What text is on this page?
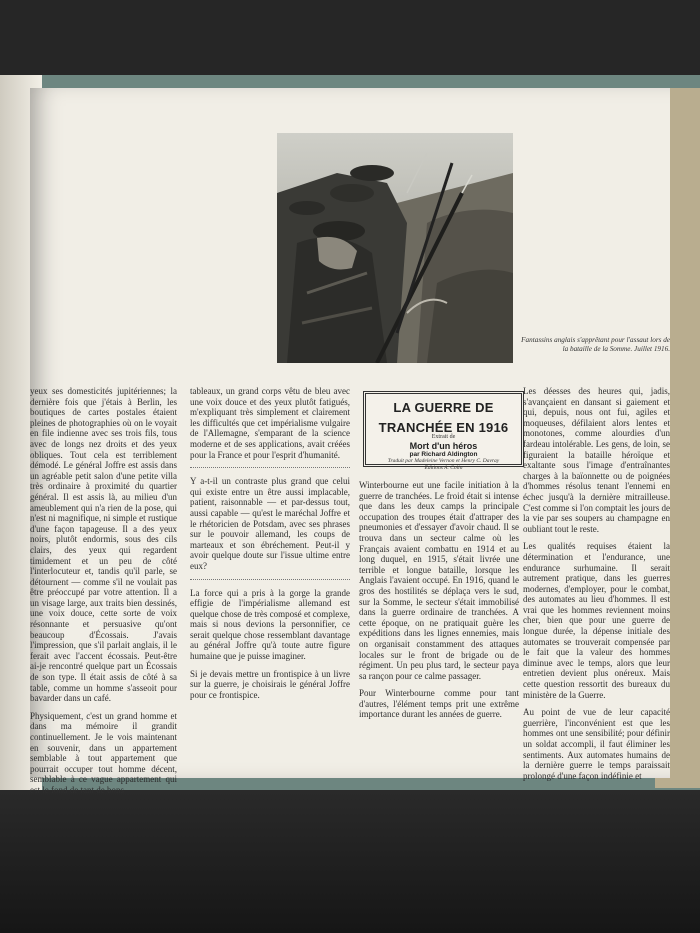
Fantassins anglais s'apprêtant pour l'assaut lors de la bataille de la Somme. Juillet 1916.

yeux ses domesticités jupitériennes; la dernière fois que j'étais à Berlin, les boutiques de cartes postales étaient pleines de photographies où on le voyait en file indienne avec ses trois fils, tous avec de longs nez droits et des yeux obliques. Tout cela est terriblement démodé. Le général Joffre est assis dans un agréable petit salon d'une petite villa très ordinaire à proximité du quartier général. Il est assis là, au milieu d'un ameublement qui n'a rien de la pose, qui n'est ni magnifique, ni simple et rustique d'une façon tapageuse. Il a des yeux noirs, plutôt endormis, sous des cils clairs, des yeux qui regardent timidement et un peu de côté l'interlocuteur et, tandis qu'il parle, se détournent — comme s'il ne voulait pas être préoccupé par votre attention. Il a un visage large, aux traits bien dessinés, une voix douce, cette sorte de voix résonnante et persuasive qu'ont beaucoup d'Écossais. J'avais l'impression, que s'il parlait anglais, il le ferait avec l'accent écossais. Peut-être ai-je rencontré quelque part un Écossais de son type. Il était assis de côté à sa table, comme un homme s'asseoit pour bavarder dans un café.

Physiquement, c'est un grand homme et dans ma mémoire il grandit continuellement. Je le vois maintenant en souvenir, dans un appartement semblable à tout appartement que pourrait occuper tout homme décent, semblable à ce vague appartement qui est le fond de tant de bons

tableaux, un grand corps vêtu de bleu avec une voix douce et des yeux plutôt fatigués, m'expliquant très simplement et clairement les difficultés que cet impérialisme vulgaire de l'Allemagne, s'emparant de la science moderne et de ses applications, avait créées pour la France et pour l'esprit d'humanité.

Y a-t-il un contraste plus grand que celui qui existe entre un être aussi implacable, patient, raisonnable — et par-dessus tout, aussi capable — qu'est le maréchal Joffre et le rhétoricien de Potsdam, avec ses phrases sur le pouvoir allemand, les coups de marteaux et son ébréchement. Peut-il y avoir quelque doute sur l'issue ultime entre eux?

La force qui a pris à la gorge la grande effigie de l'impérialisme allemand est quelque chose de très composé et complexe, mais si nous devions la personnifier, ce serait quelque chose ressemblant davantage au général Joffre qu'à toute autre figure humaine que je puisse imaginer.

Si je devais mettre un frontispice à un livre sur la guerre, je choisirais le général Joffre pour ce frontispice.

LA GUERRE DE
TRANCHÉE EN 1916
Extrait de
Mort d'un héros
par Richard Aldington
Traduit par Madeleine Vernon et Henry C. Davray
Éditions A. Colin

Winterbourne eut une facile initiation à la guerre de tranchées. Le froid était si intense que dans les deux camps la principale occupation des troupes était d'attraper des pneumonies et d'essayer d'avoir chaud. Il se trouva dans un secteur calme où les Français avaient combattu en 1914 et au long duquel, en 1915, s'était livrée une terrible et longue bataille, lorsque les Anglais l'avaient occupé. En 1916, quand le gros des hostilités se déplaça vers le sud, sur la Somme, le secteur s'était immobilisé dans la guerre ordinaire de tranchées. A cette époque, on ne pratiquait guère les expéditions dans les lignes ennemies, mais on organisait constamment des attaques locales sur le front de brigade ou de régiment. Un peu plus tard, le secteur paya sa rançon pour ce calme passager.

Pour Winterbourne comme pour tant d'autres, l'élément temps prit une extrême importance durant les années de guerre.

Les déesses des heures qui, jadis, s'avançaient en dansant si gaiement et qui, depuis, nous ont fui, agiles et moqueuses, défilaient alors lentes et monotones, comme alourdies d'un fardeau intolérable. Les gens, de loin, se figuraient la bataille héroïque et exaltante sous l'image d'entraînantes charges à la baïonnette ou de poignées d'hommes résolus tenant l'ennemi en échec jusqu'à la dernière mitrailleuse. C'est comme si l'on comptait les jours de la vie par ses soupers au champagne en oubliant tout le reste.

Les qualités requises étaient la détermination et l'endurance, une endurance surhumaine. Il serait autrement pratique, dans les guerres modernes, d'employer, pour le combat, des automates au lieu d'hommes. Il est vrai que les hommes reviennent moins cher, bien que pour une guerre de longue durée, la dépense initiale des automates se trouverait compensée par le fait que la valeur des hommes diminue avec le temps, alors que leur entretien devient plus onéreux. Mais cette question ressortit des bureaux du ministère de la Guerre.

Au point de vue de leur capacité guerrière, l'inconvénient est que les hommes ont une sensibilité; pour définir un soldat accompli, il faut éliminer les sentiments. Aux automates humains de la dernière guerre le temps paraissait prolongé d'une façon indéfinie et
